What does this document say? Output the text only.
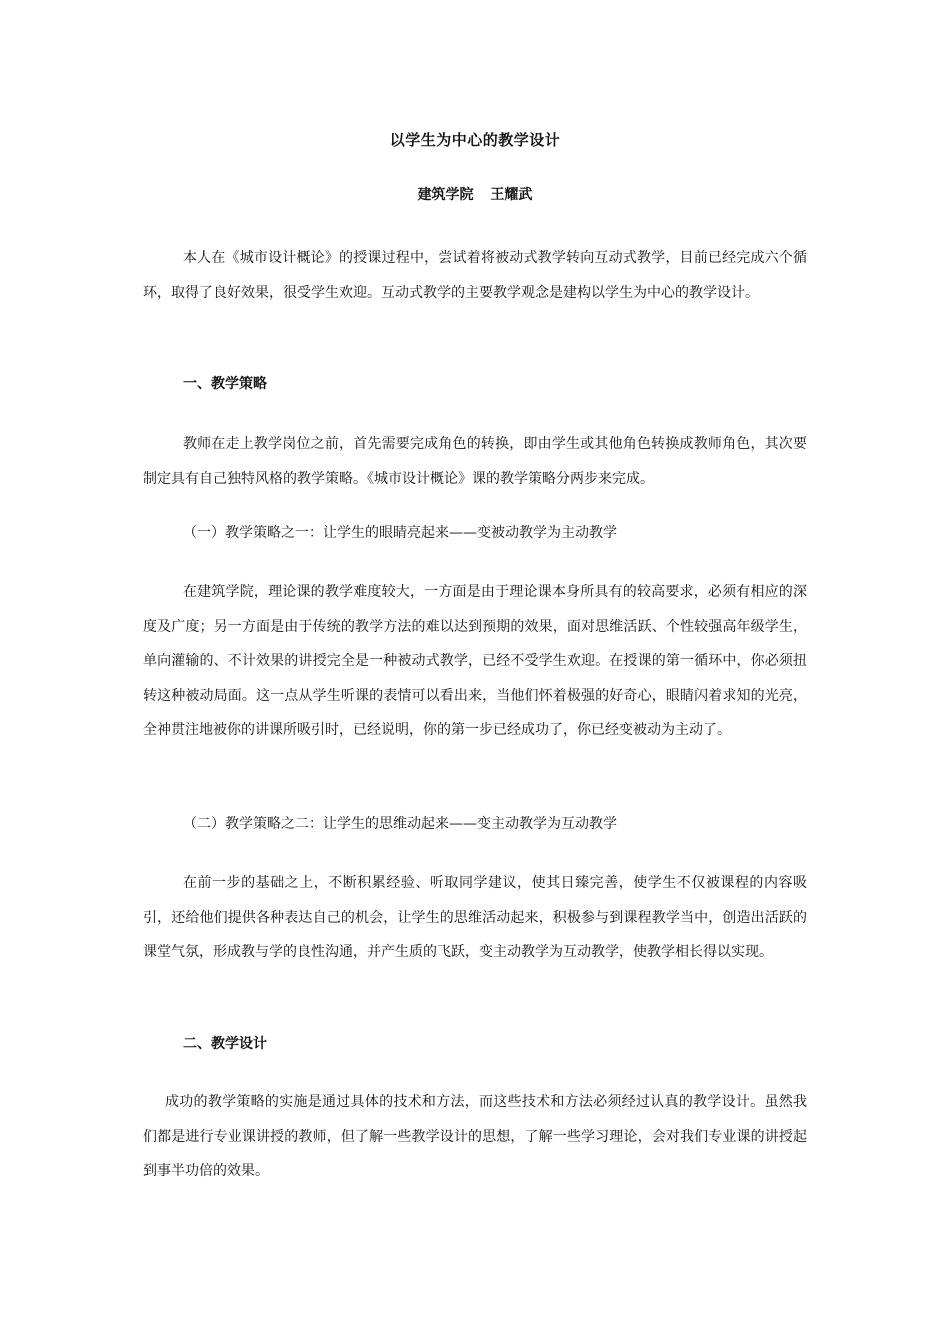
以学生为中心的教学设计
建筑学院  王耀武

本人在《城市设计概论》的授课过程中，尝试着将被动式教学转向互动式教学，目前已经完成六个循环，取得了良好效果，很受学生欢迎。互动式教学的主要教学观念是建构以学生为中心的教学设计。

一、教学策略

教师在走上教学岗位之前，首先需要完成角色的转换，即由学生或其他角色转换成教师角色，其次要制定具有自己独特风格的教学策略。《城市设计概论》课的教学策略分两步来完成。

（一）教学策略之一：让学生的眼睛亮起来——变被动教学为主动教学

在建筑学院，理论课的教学难度较大，一方面是由于理论课本身所具有的较高要求，必须有相应的深度及广度；另一方面是由于传统的教学方法的难以达到预期的效果，面对思维活跃、个性较强高年级学生，单向灌输的、不计效果的讲授完全是一种被动式教学，已经不受学生欢迎。在授课的第一循环中，你必须扭转这种被动局面。这一点从学生听课的表情可以看出来，当他们怀着极强的好奇心，眼睛闪着求知的光亮，全神贯注地被你的讲课所吸引时，已经说明，你的第一步已经成功了，你已经变被动为主动了。

（二）教学策略之二：让学生的思维动起来——变主动教学为互动教学

在前一步的基础之上，不断积累经验、听取同学建议，使其日臻完善，使学生不仅被课程的内容吸引，还给他们提供各种表达自己的机会，让学生的思维活动起来，积极参与到课程教学当中，创造出活跃的课堂气氛，形成教与学的良性沟通，并产生质的飞跃，变主动教学为互动教学，使教学相长得以实现。

二、教学设计

成功的教学策略的实施是通过具体的技术和方法，而这些技术和方法必须经过认真的教学设计。虽然我们都是进行专业课讲授的教师，但了解一些教学设计的思想，了解一些学习理论，会对我们专业课的讲授起到事半功倍的效果。
